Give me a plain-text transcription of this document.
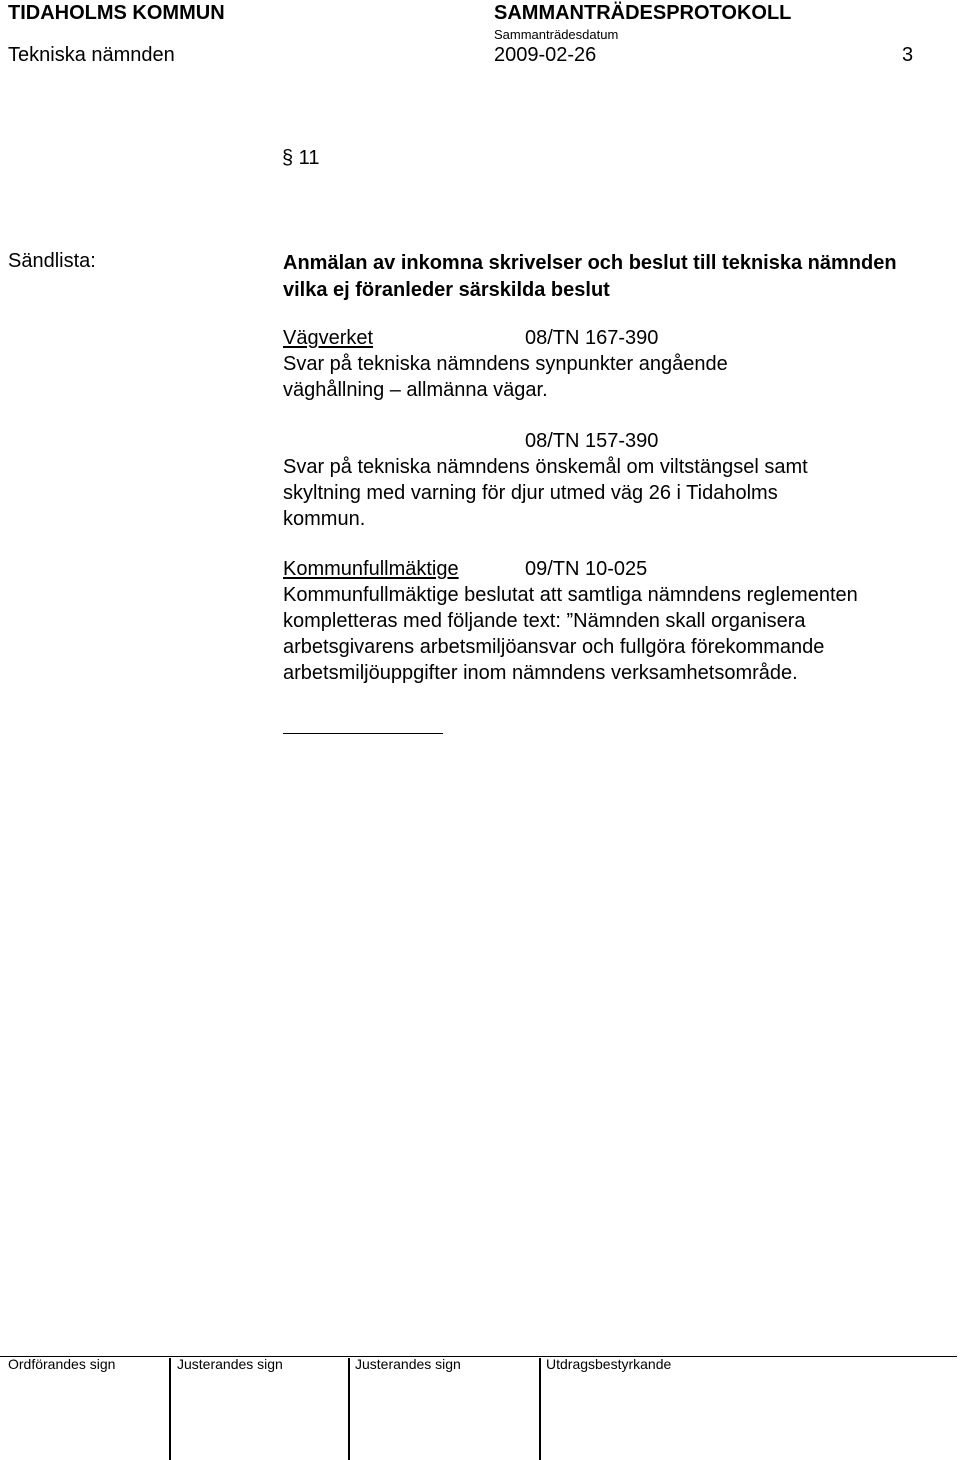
TIDAHOLMS KOMMUN	SAMMANTRÄDESPROTOKOLL
Sammanträdesdatum
Tekniska nämnden	2009-02-26	3
§ 11
Sändlista:	Anmälan av inkomna skrivelser och beslut till tekniska nämnden vilka ej föranleder särskilda beslut
Vägverket	08/TN 167-390
Svar på tekniska nämndens synpunkter angående
väghållning – allmänna vägar.
08/TN 157-390
Svar på tekniska nämndens önskemål om viltstängsel samt
skyltning med varning för djur utmed väg 26 i Tidaholms
kommun.
Kommunfullmäktige	09/TN 10-025
Kommunfullmäktige beslutat att samtliga nämndens reglementen
kompletteras med följande text: ”Nämnden skall organisera
arbetsgivarens arbetsmiljöansvar och fullgöra förekommande
arbetsmiljöuppgifter inom nämndens verksamhetsområde.
Ordförandes sign	Justerandes sign	Justerandes sign	Utdragsbestyrkande
